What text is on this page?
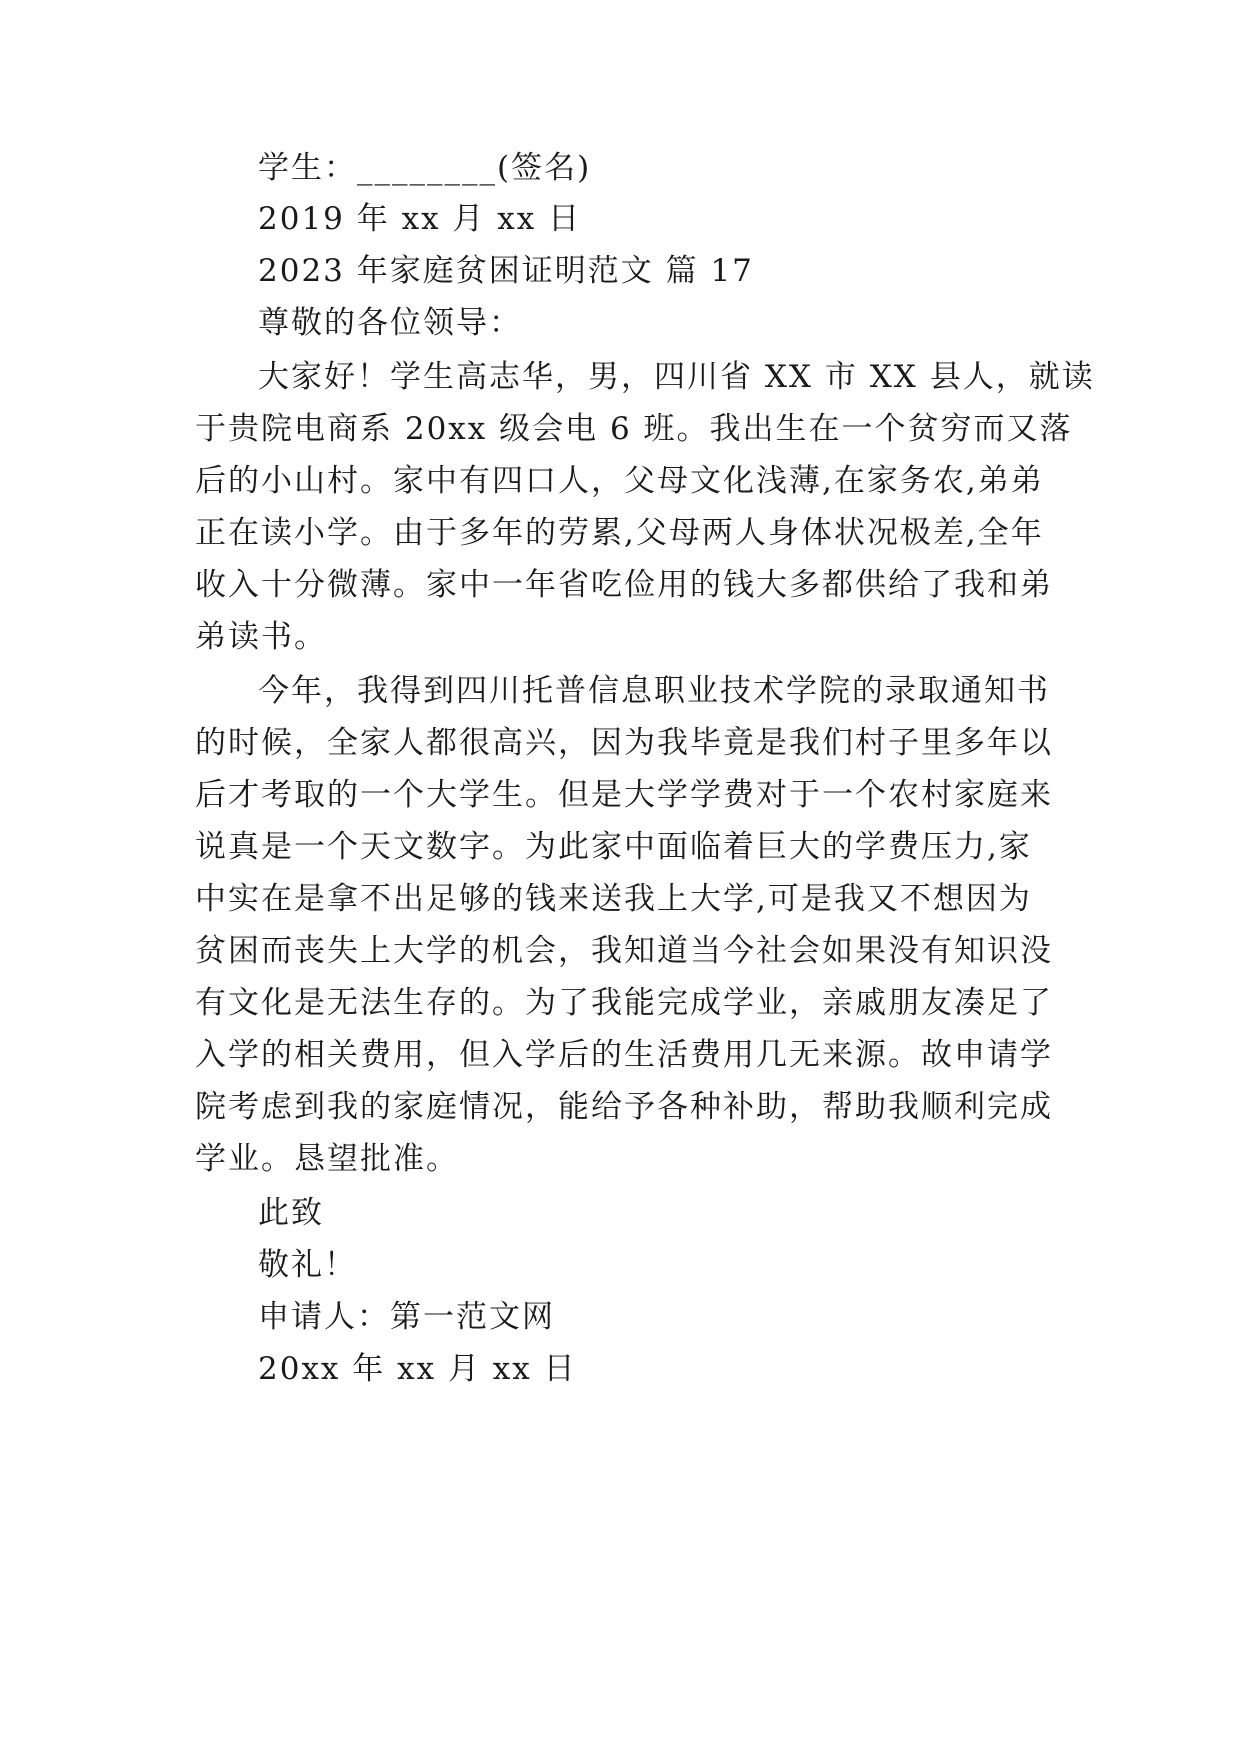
学生：________(签名)
2019 年 xx 月 xx 日
2023 年家庭贫困证明范文 篇 17
尊敬的各位领导：
大家好！学生高志华，男，四川省 XX 市 XX 县人，就读
于贵院电商系 20xx 级会电 6 班。我出生在一个贫穷而又落
后的小山村。家中有四口人，父母文化浅薄,在家务农,弟弟
正在读小学。由于多年的劳累,父母两人身体状况极差,全年
收入十分微薄。家中一年省吃俭用的钱大多都供给了我和弟
弟读书。
今年，我得到四川托普信息职业技术学院的录取通知书
的时候，全家人都很高兴，因为我毕竟是我们村子里多年以
后才考取的一个大学生。但是大学学费对于一个农村家庭来
说真是一个天文数字。为此家中面临着巨大的学费压力,家
中实在是拿不出足够的钱来送我上大学,可是我又不想因为
贫困而丧失上大学的机会，我知道当今社会如果没有知识没
有文化是无法生存的。为了我能完成学业，亲戚朋友凑足了
入学的相关费用，但入学后的生活费用几无来源。故申请学
院考虑到我的家庭情况，能给予各种补助，帮助我顺利完成
学业。恳望批准。
此致
敬礼！
申请人：第一范文网
20xx 年 xx 月 xx 日
